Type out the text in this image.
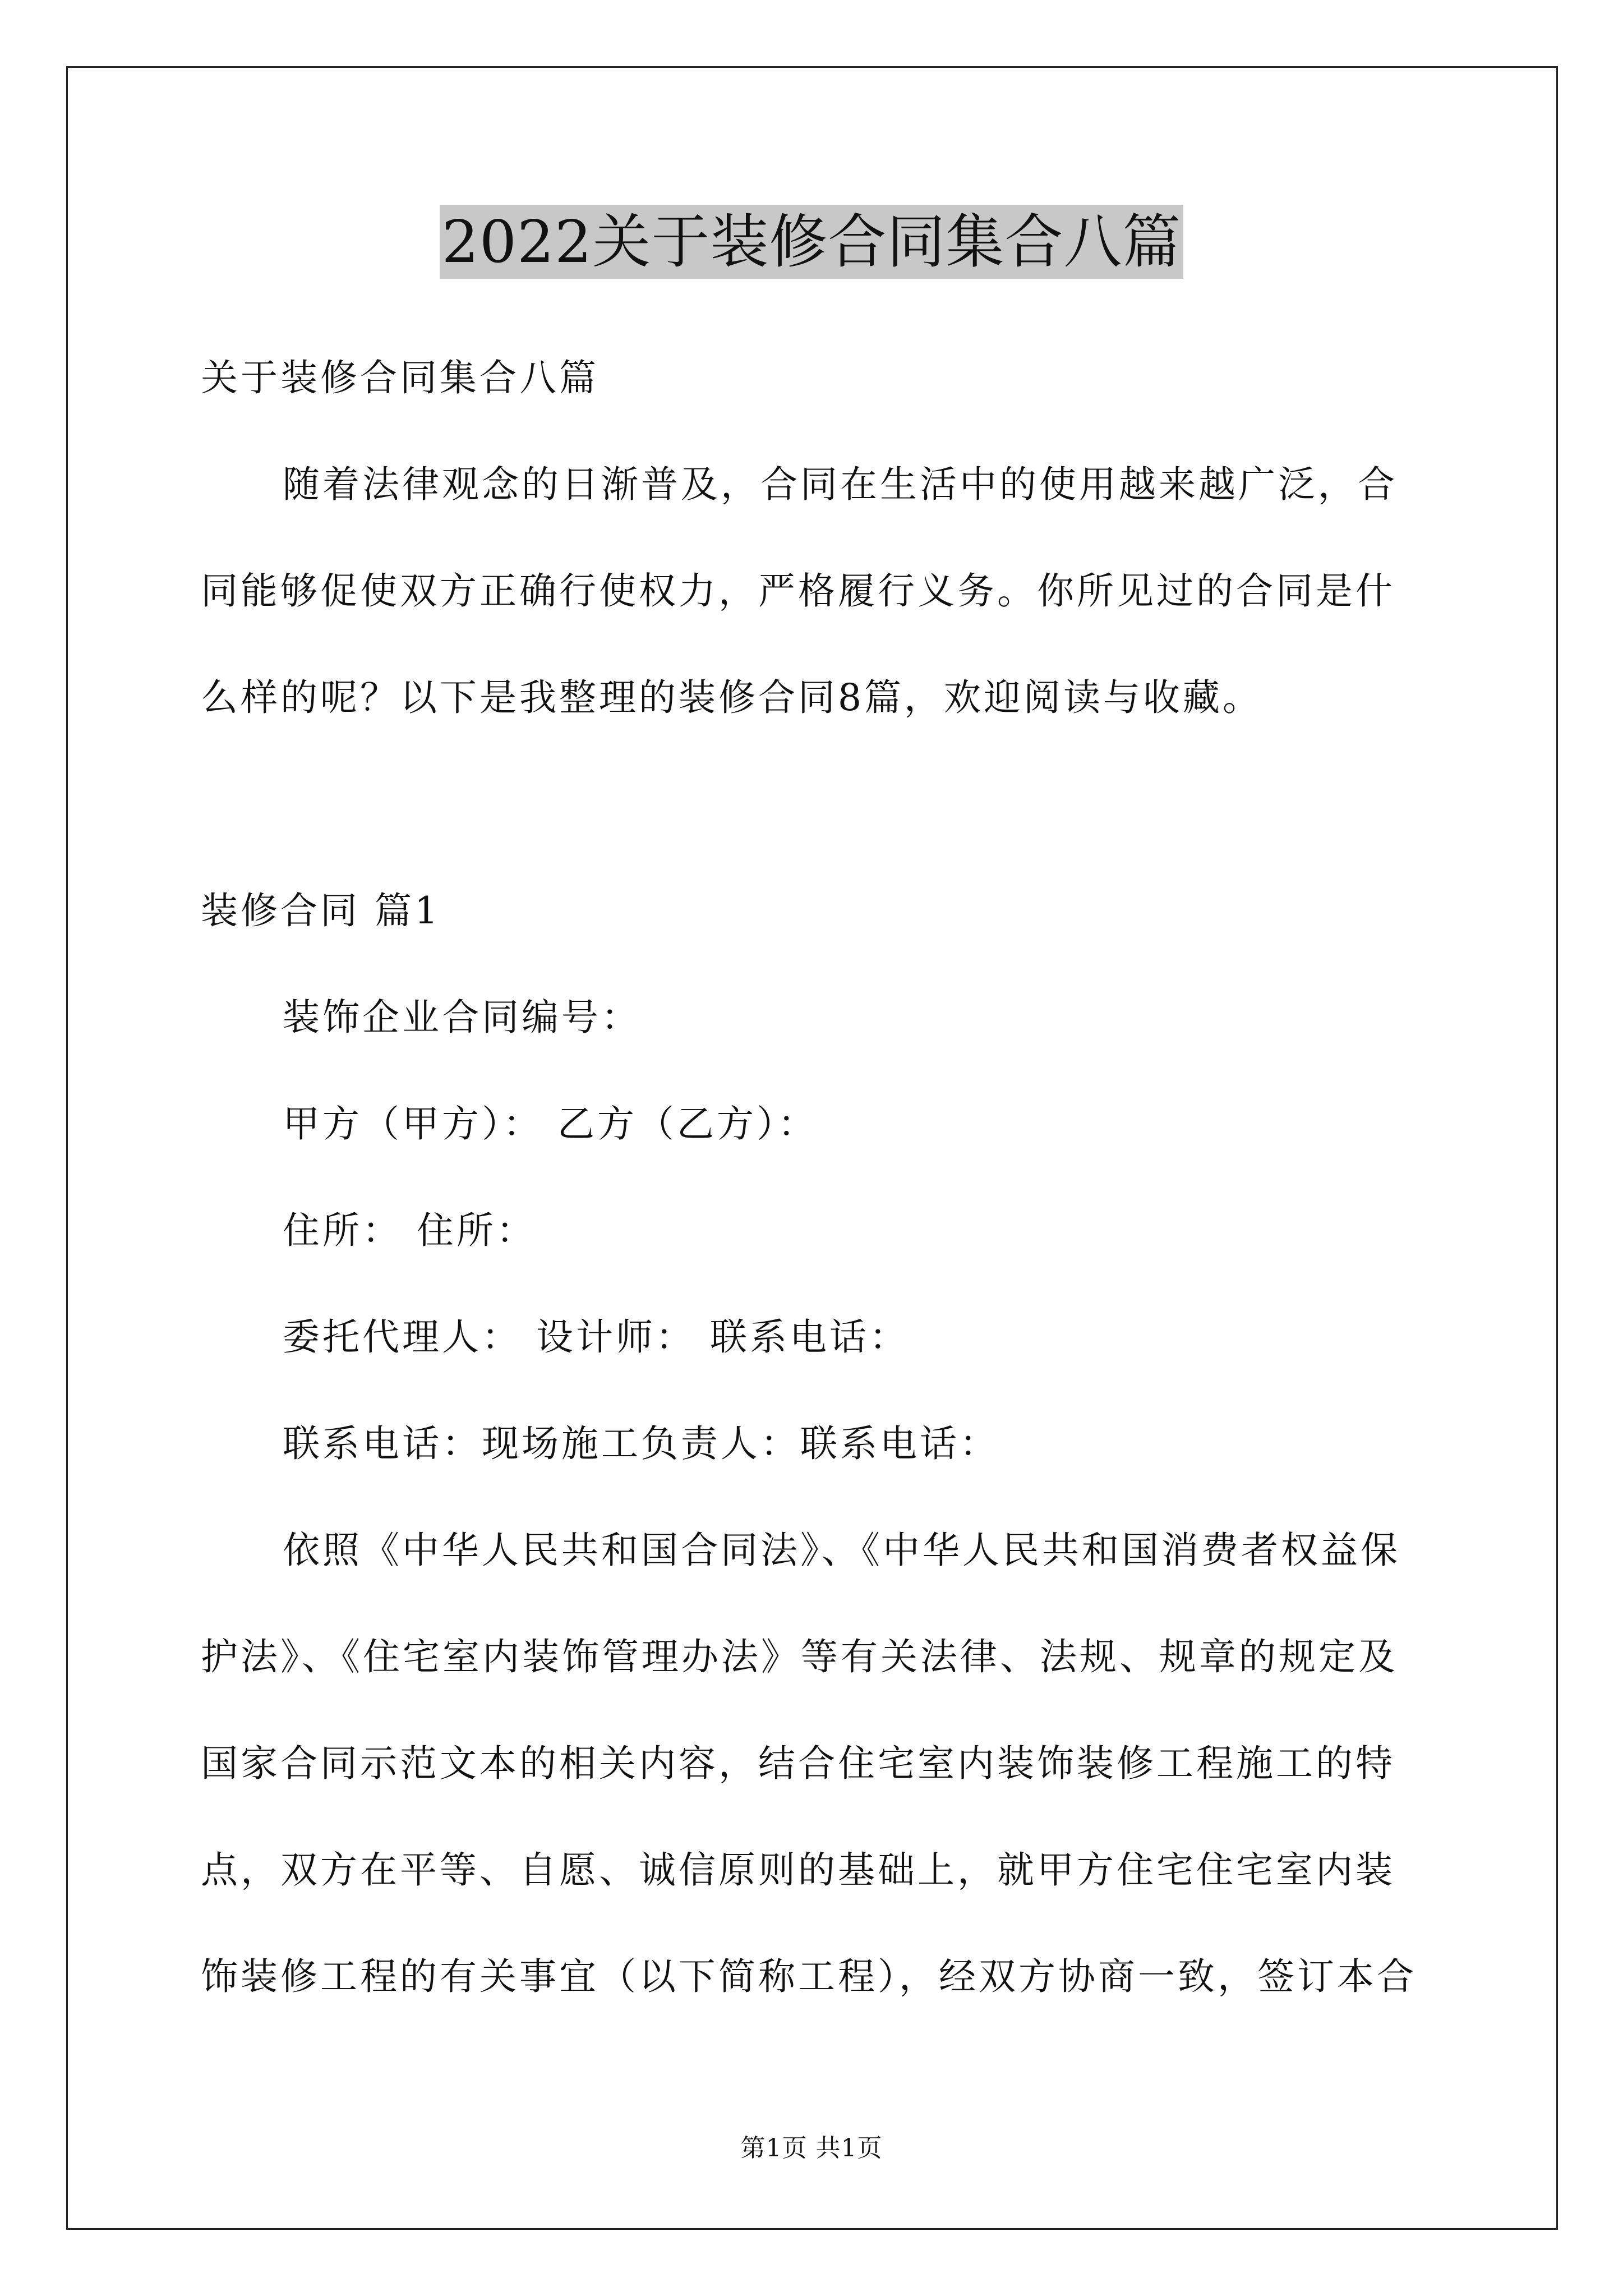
2022关于装修合同集合八篇
关于装修合同集合八篇
随着法律观念的日渐普及，合同在生活中的使用越来越广泛，合
同能够促使双方正确行使权力，严格履行义务。你所见过的合同是什
么样的呢？以下是我整理的装修合同8篇，欢迎阅读与收藏。
装修合同 篇1
装饰企业合同编号：
甲方（甲方）： 乙方（乙方）：
住所： 住所：
委托代理人： 设计师： 联系电话：
联系电话：现场施工负责人：联系电话：
依照《中华人民共和国合同法》、《中华人民共和国消费者权益保
护法》、《住宅室内装饰管理办法》等有关法律、法规、规章的规定及
国家合同示范文本的相关内容，结合住宅室内装饰装修工程施工的特
点，双方在平等、自愿、诚信原则的基础上，就甲方住宅住宅室内装
饰装修工程的有关事宜（以下简称工程），经双方协商一致，签订本合
第1页 共1页
